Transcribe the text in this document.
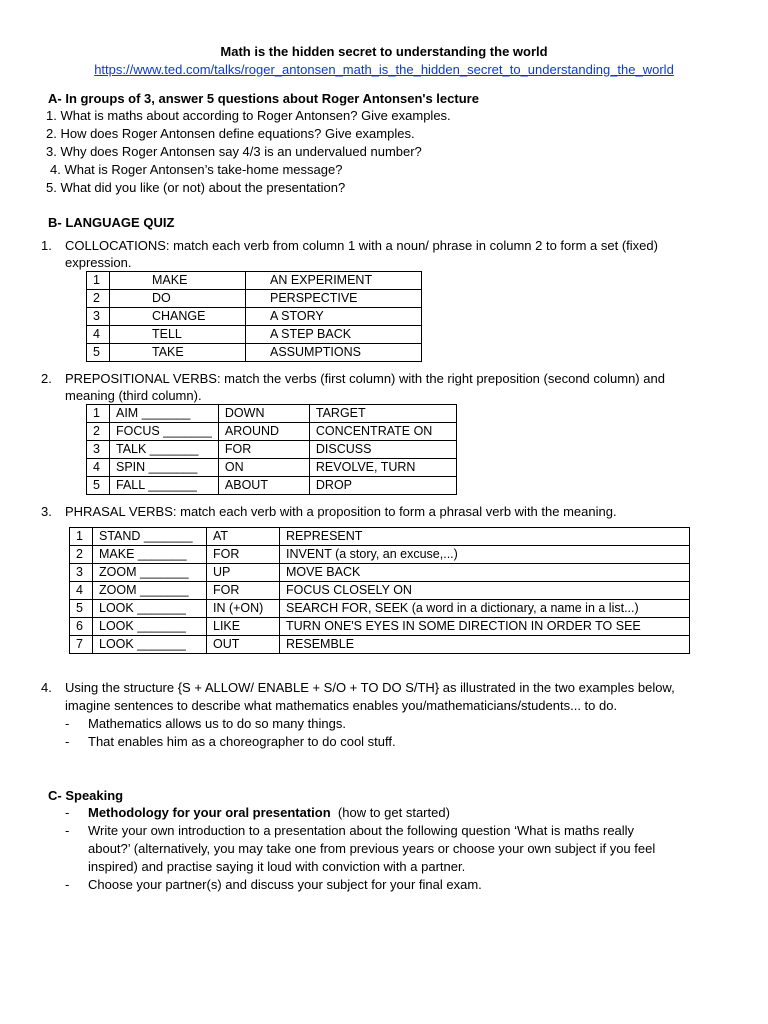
Math is the hidden secret to understanding the world
https://www.ted.com/talks/roger_antonsen_math_is_the_hidden_secret_to_understanding_the_world
A- In groups of 3, answer 5 questions about Roger Antonsen's lecture
1. What is maths about according to Roger Antonsen? Give examples.
2. How does Roger Antonsen define equations? Give examples.
3. Why does Roger Antonsen say 4/3 is an undervalued number?
4. What is Roger Antonsen’s take-home message?
5. What did you like (or not) about the presentation?
B- LANGUAGE QUIZ
1. COLLOCATIONS: match each verb from column 1 with a noun/ phrase in column 2 to form a set (fixed)
expression.
1	MAKE	AN EXPERIMENT
2	DO	PERSPECTIVE
3	CHANGE	A STORY
4	TELL	A STEP BACK
5	TAKE	ASSUMPTIONS
2. PREPOSITIONAL VERBS: match the verbs (first column) with the right preposition (second column) and
meaning (third column).
1	AIM _______	DOWN	TARGET
2	FOCUS _______	AROUND	CONCENTRATE ON
3	TALK _______	FOR	DISCUSS
4	SPIN _______	ON	REVOLVE, TURN
5	FALL _______	ABOUT	DROP
3. PHRASAL VERBS: match each verb with a proposition to form a phrasal verb with the meaning.
1	STAND _______	AT	REPRESENT
2	MAKE _______	FOR	INVENT (a story, an excuse,...)
3	ZOOM _______	UP	MOVE BACK
4	ZOOM _______	FOR	FOCUS CLOSELY ON
5	LOOK _______	IN (+ON)	SEARCH FOR, SEEK (a word in a dictionary, a name in a list...)
6	LOOK _______	LIKE	TURN ONE'S EYES IN SOME DIRECTION IN ORDER TO SEE
7	LOOK _______	OUT	RESEMBLE
4. Using the structure {S + ALLOW/ ENABLE + S/O + TO DO S/TH} as illustrated in the two examples below,
imagine sentences to describe what mathematics enables you/mathematicians/students... to do.
- Mathematics allows us to do so many things.
- That enables him as a choreographer to do cool stuff.
C- Speaking
- Methodology for your oral presentation  (how to get started)
- Write your own introduction to a presentation about the following question ‘What is maths really
about?’ (alternatively, you may take one from previous years or choose your own subject if you feel
inspired) and practise saying it loud with conviction with a partner.
- Choose your partner(s) and discuss your subject for your final exam.
